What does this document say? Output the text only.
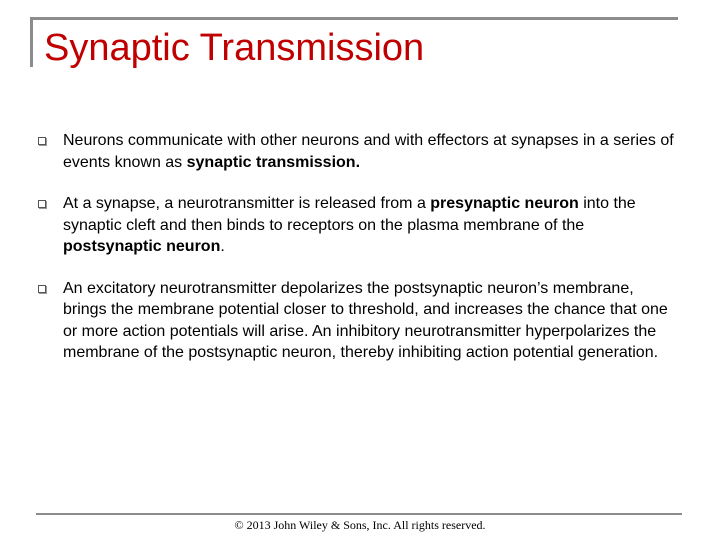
Synaptic Transmission
Neurons communicate with other neurons and with effectors at synapses in a series of events known as synaptic transmission.
At a synapse, a neurotransmitter is released from a presynaptic neuron into the synaptic cleft and then binds to receptors on the plasma membrane of the postsynaptic neuron.
An excitatory neurotransmitter depolarizes the postsynaptic neuron’s membrane, brings the membrane potential closer to threshold, and increases the chance that one or more action potentials will arise. An inhibitory neurotransmitter hyperpolarizes the membrane of the postsynaptic neuron, thereby inhibiting action potential generation.
© 2013 John Wiley & Sons, Inc. All rights reserved.
